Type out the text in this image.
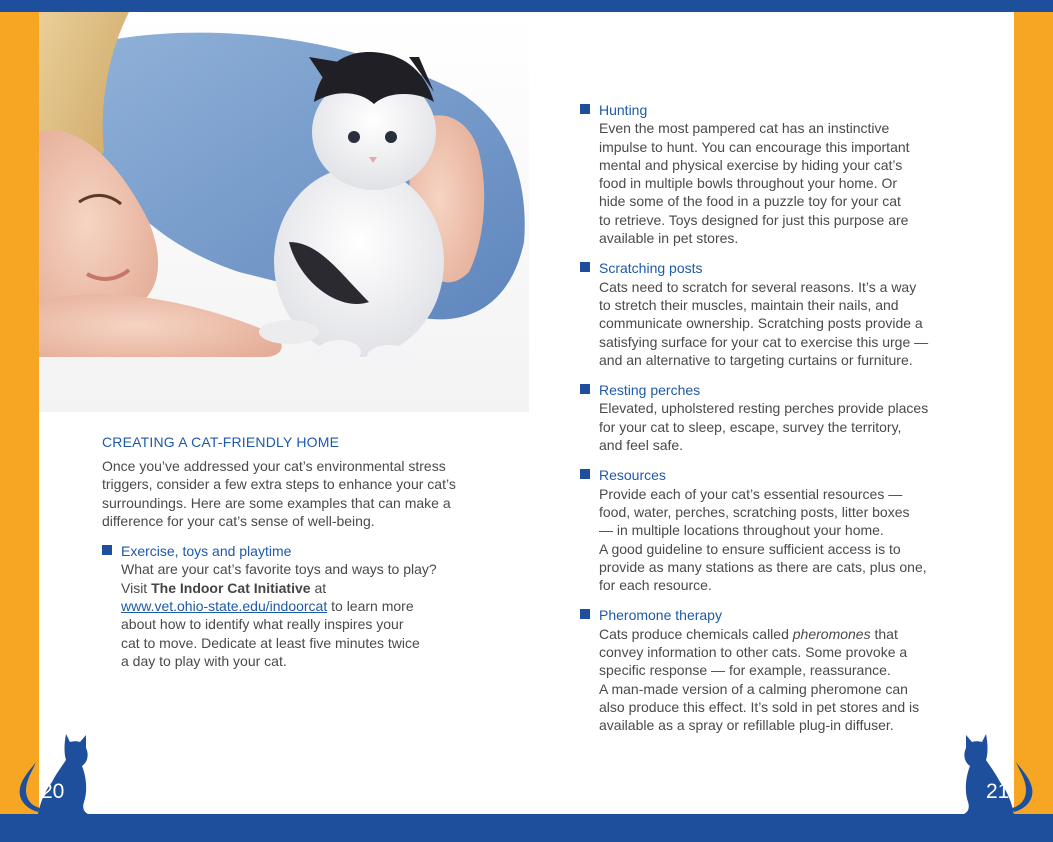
CREATING A CAT-FRIENDLY HOME
Once you’ve addressed your cat’s environmental stress
triggers, consider a few extra steps to enhance your cat’s
surroundings. Here are some examples that can make a
difference for your cat’s sense of well-being.
Exercise, toys and playtime
What are your cat’s favorite toys and ways to play?
Visit The Indoor Cat Initiative at
www.vet.ohio-state.edu/indoorcat to learn more
about how to identify what really inspires your
cat to move. Dedicate at least five minutes twice
a day to play with your cat.
Hunting
Even the most pampered cat has an instinctive
impulse to hunt. You can encourage this important
mental and physical exercise by hiding your cat’s
food in multiple bowls throughout your home. Or
hide some of the food in a puzzle toy for your cat
to retrieve. Toys designed for just this purpose are
available in pet stores.
Scratching posts
Cats need to scratch for several reasons. It’s a way
to stretch their muscles, maintain their nails, and
communicate ownership. Scratching posts provide a
satisfying surface for your cat to exercise this urge —
and an alternative to targeting curtains or furniture.
Resting perches
Elevated, upholstered resting perches provide places
for your cat to sleep, escape, survey the territory,
and feel safe.
Resources
Provide each of your cat’s essential resources —
food, water, perches, scratching posts, litter boxes
— in multiple locations throughout your home.
A good guideline to ensure sufficient access is to
provide as many stations as there are cats, plus one,
for each resource.
Pheromone therapy
Cats produce chemicals called pheromones that
convey information to other cats. Some provoke a
specific response — for example, reassurance.
A man-made version of a calming pheromone can
also produce this effect. It’s sold in pet stores and is
available as a spray or refillable plug-in diffuser.
20	21
